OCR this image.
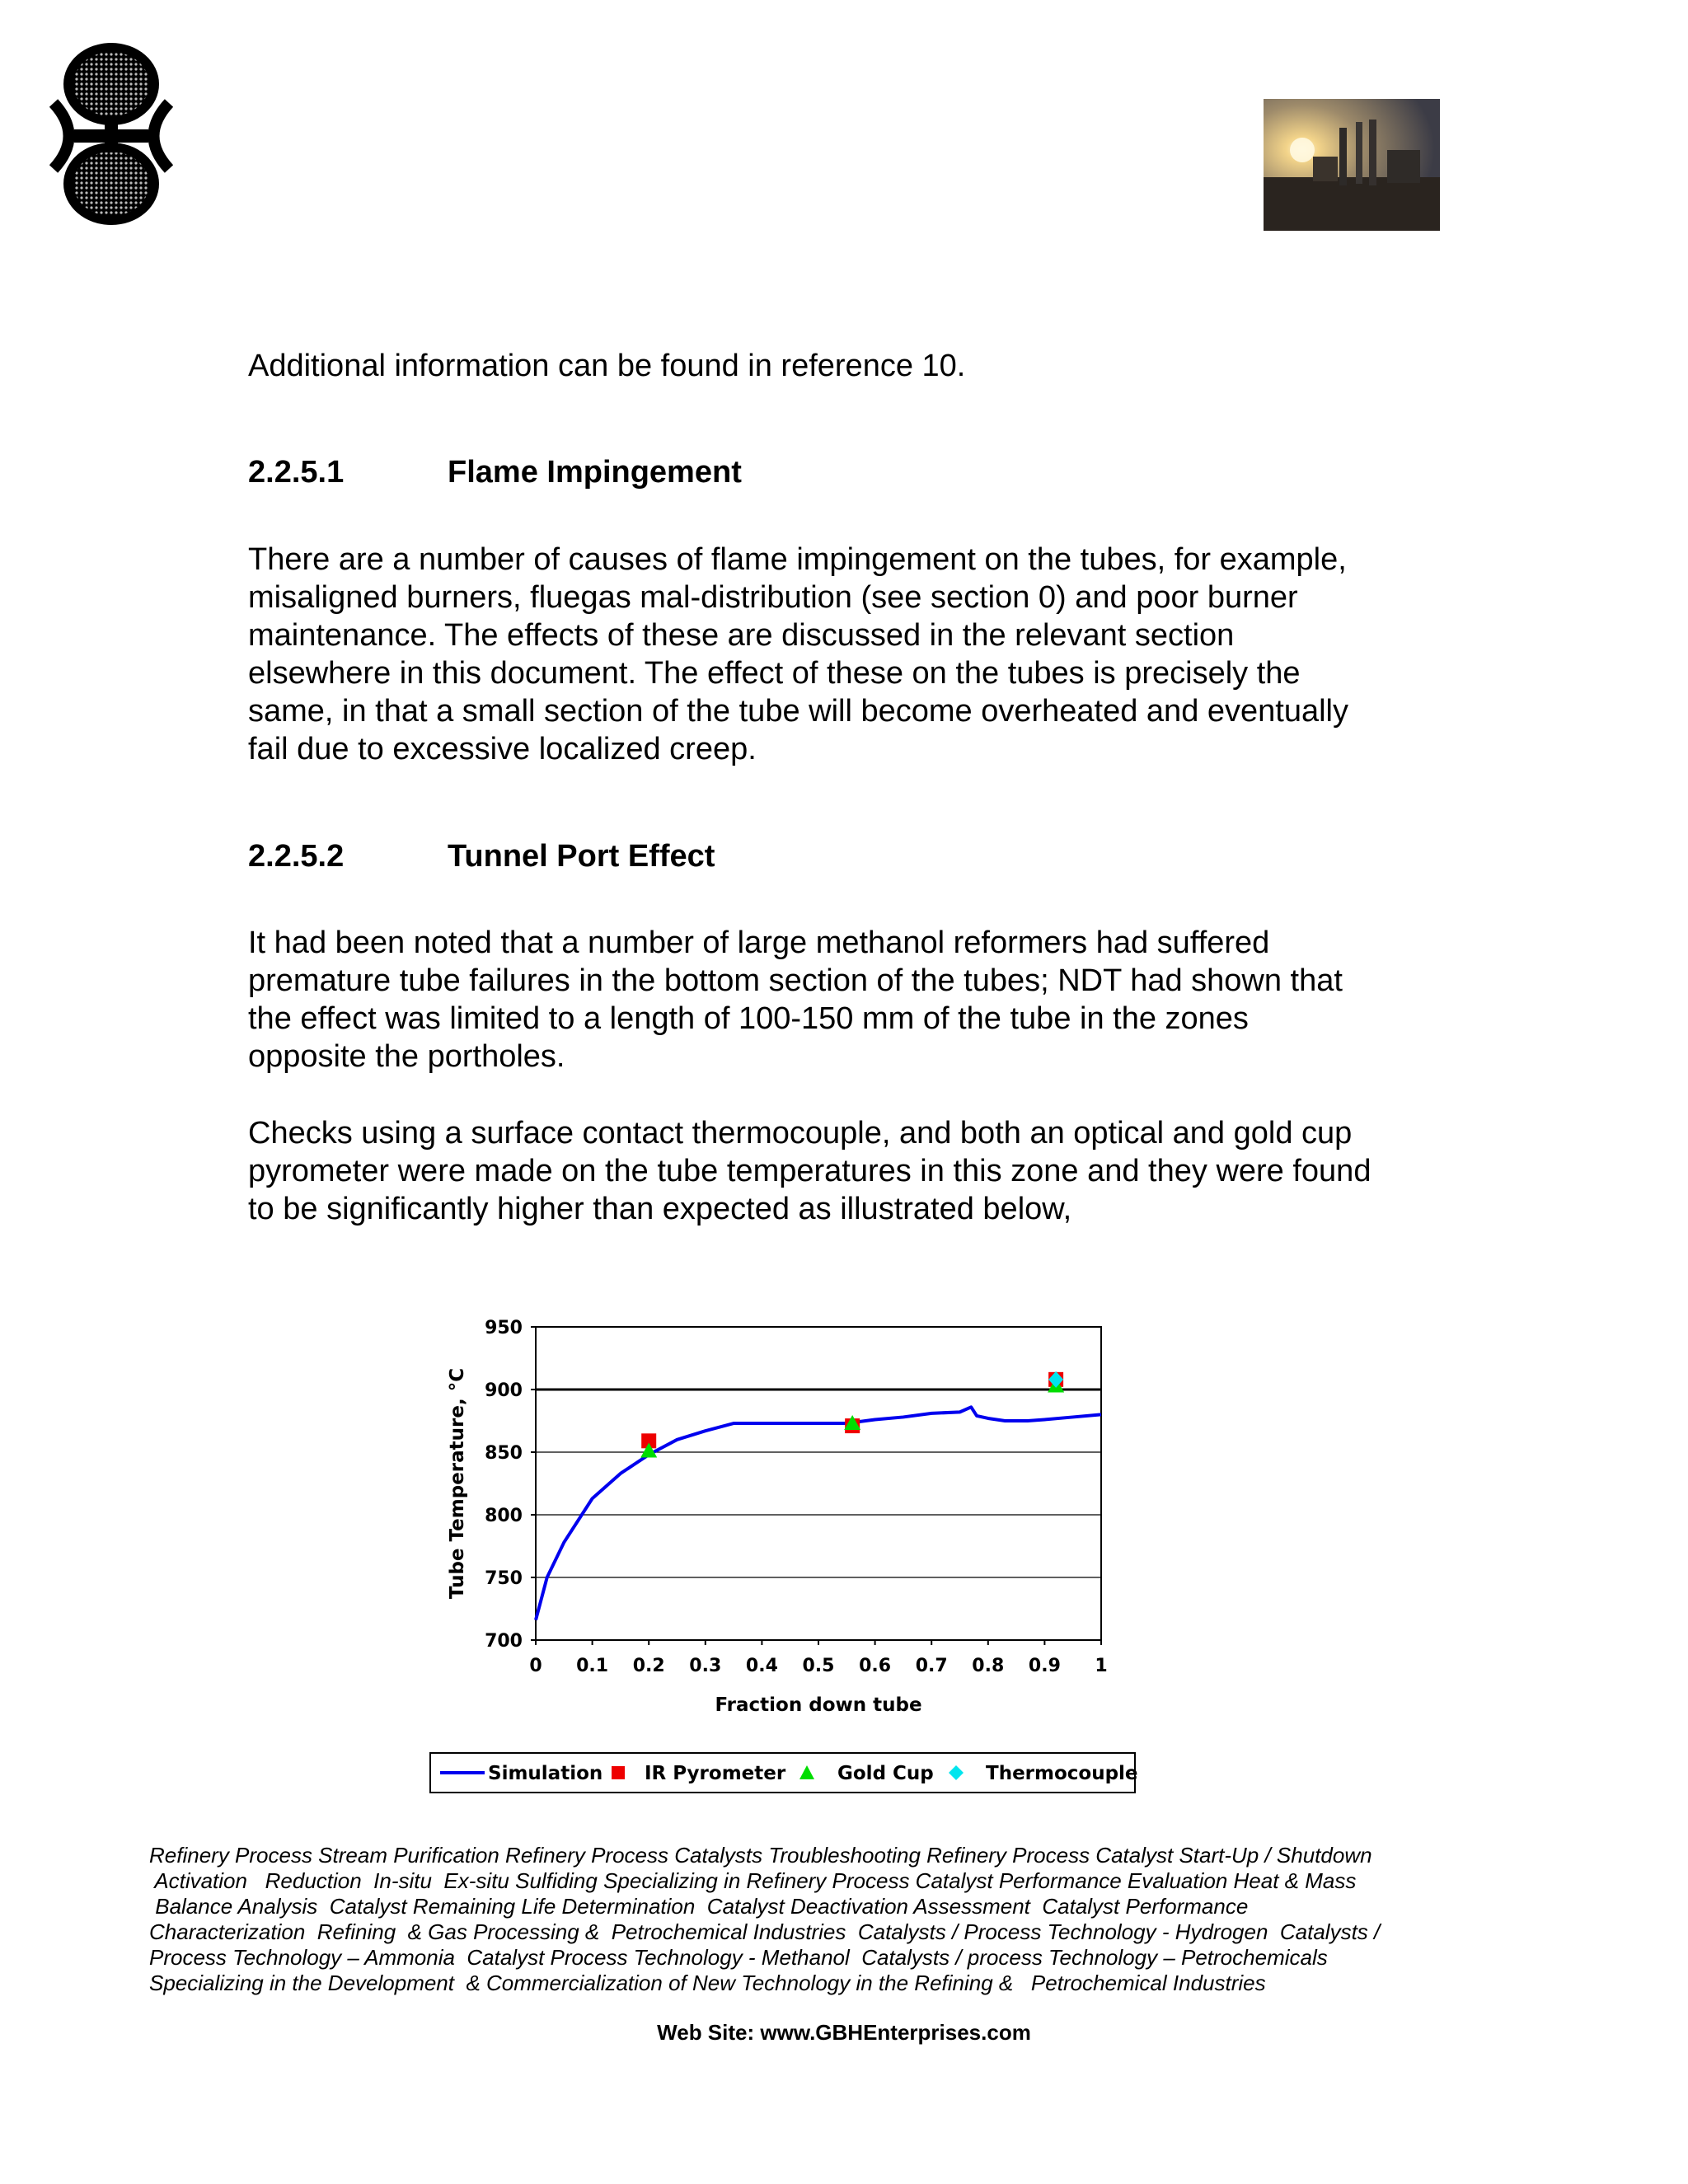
Additional information can be found in reference 10.

2.2.5.1	Flame Impingement
There are a number of causes of flame impingement on the tubes, for example,
misaligned burners, fluegas mal-distribution (see section 0) and poor burner
maintenance. The effects of these are discussed in the relevant section
elsewhere in this document. The effect of these on the tubes is precisely the
same, in that a small section of the tube will become overheated and eventually
fail due to excessive localized creep.
2.2.5.2	Tunnel Port Effect
It had been noted that a number of large methanol reformers had suffered
premature tube failures in the bottom section of the tubes; NDT had shown that
the effect was limited to a length of 100-150 mm of the tube in the zones
opposite the portholes.
Checks using a surface contact thermocouple, and both an optical and gold cup
pyrometer were made on the tube temperatures in this zone and they were found
to be significantly higher than expected as illustrated below,
950
900
850
800
750
700
0 0.1 0.2 0.3 0.4 0.5 0.6 0.7 0.8 0.9 1
Fraction down tube
Tube Temperature, °C
Simulation IR Pyrometer	Gold Cup	Thermocouple
Refinery Process Stream Purification Refinery Process Catalysts Troubleshooting Refinery Process Catalyst Start-Up / Shutdown
Activation   Reduction  In-situ  Ex-situ Sulfiding Specializing in Refinery Process Catalyst Performance Evaluation Heat & Mass
Balance Analysis  Catalyst Remaining Life Determination  Catalyst Deactivation Assessment  Catalyst Performance
Characterization  Refining  & Gas Processing &  Petrochemical Industries  Catalysts / Process Technology - Hydrogen  Catalysts /
Process Technology – Ammonia  Catalyst Process Technology - Methanol  Catalysts / process Technology – Petrochemicals
Specializing in the Development  & Commercialization of New Technology in the Refining &   Petrochemical Industries
Web Site: www.GBHEnterprises.com
